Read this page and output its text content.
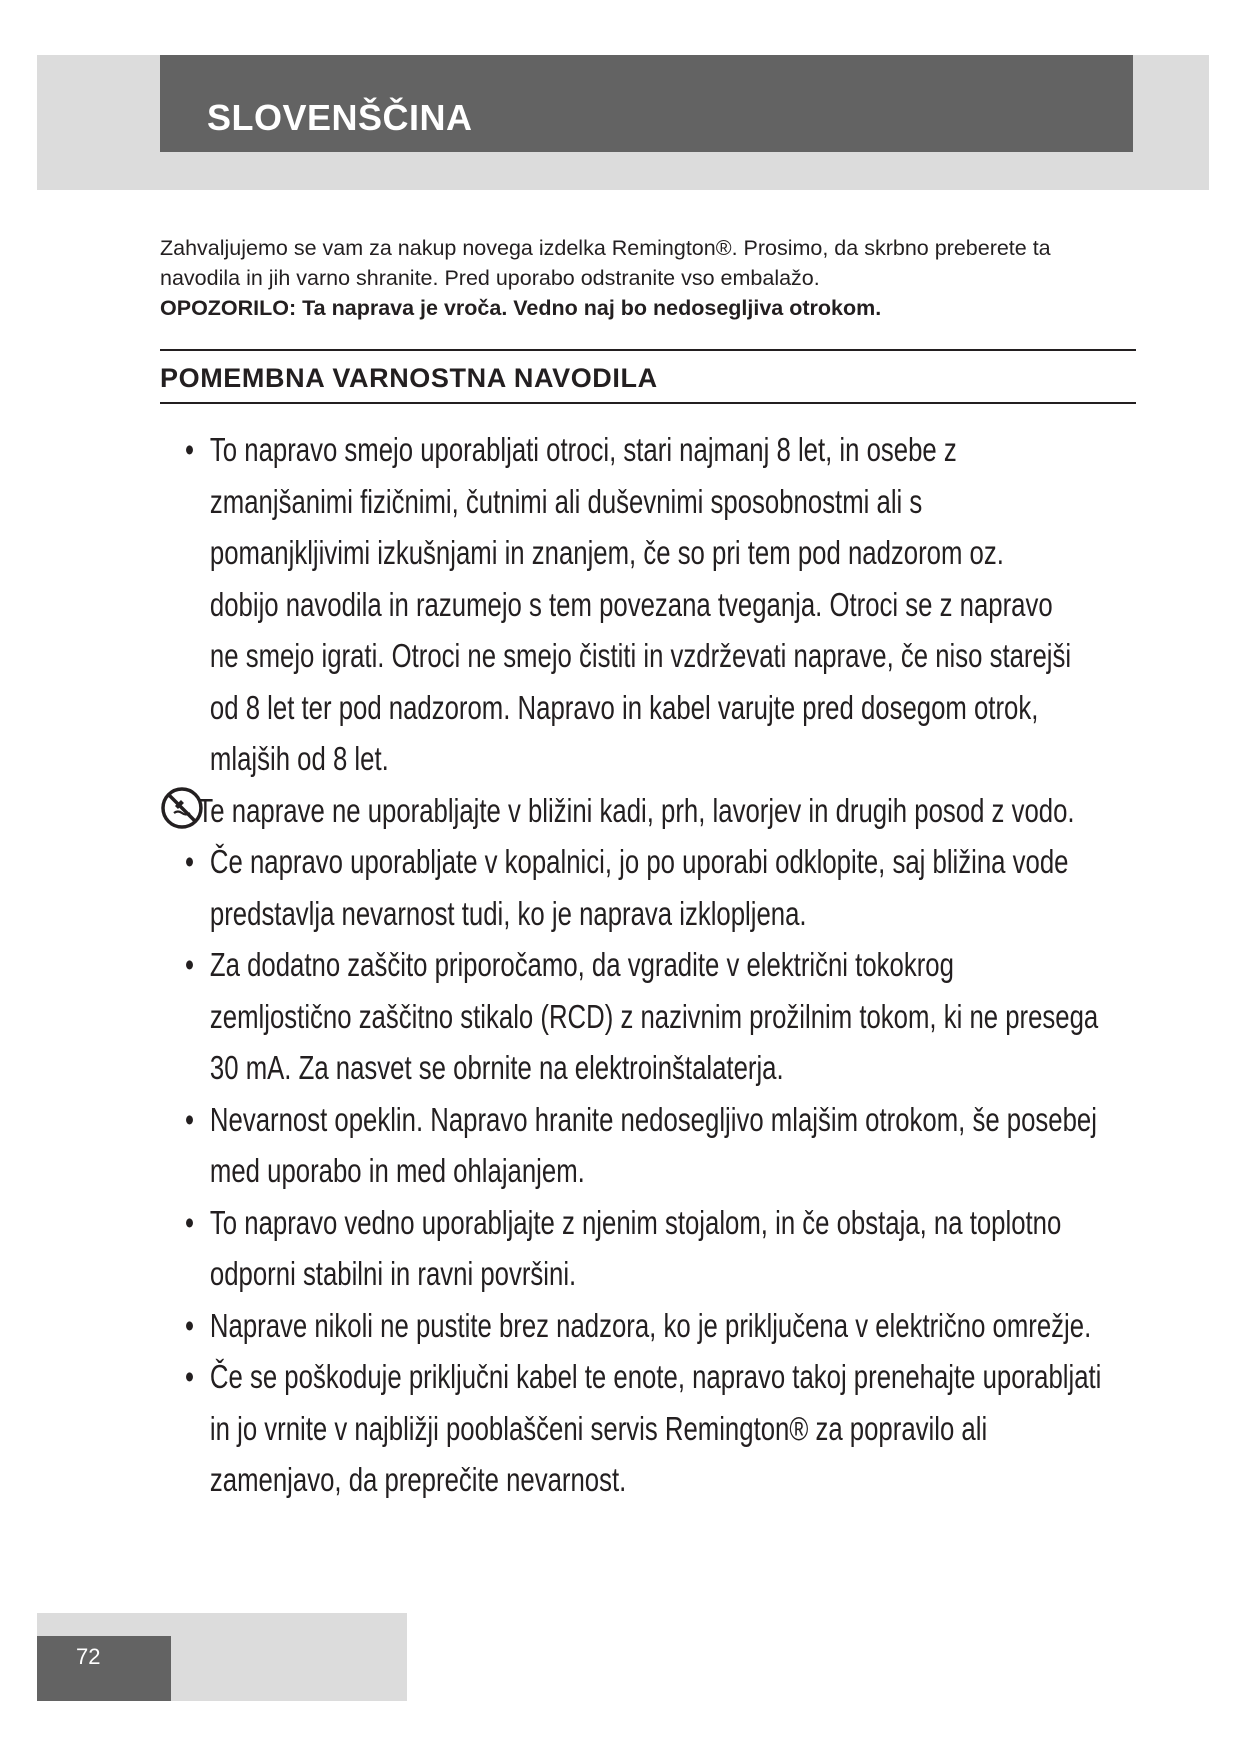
SLOVENŠČINA

Zahvaljujemo se vam za nakup novega izdelka Remington®. Prosimo, da skrbno preberete ta

navodila in jih varno shranite. Pred uporabo odstranite vso embalažo.

OPOZORILO: Ta naprava je vroča. Vedno naj bo nedosegljiva otrokom.

POMEMBNA VARNOSTNA NAVODILA
• To napravo smejo uporabljati otroci, stari najmanj 8 let, in osebe z
zmanjšanimi fizičnimi, čutnimi ali duševnimi sposobnostmi ali s
pomanjkljivimi izkušnjami in znanjem, če so pri tem pod nadzorom oz.
dobijo navodila in razumejo s tem povezana tveganja. Otroci se z napravo
ne smejo igrati. Otroci ne smejo čistiti in vzdrževati naprave, če niso starejši
od 8 let ter pod nadzorom. Napravo in kabel varujte pred dosegom otrok,
mlajših od 8 let.
Te naprave ne uporabljajte v bližini kadi, prh, lavorjev in drugih posod z vodo.
• Če napravo uporabljate v kopalnici, jo po uporabi odklopite, saj bližina vode
predstavlja nevarnost tudi, ko je naprava izklopljena.
• Za dodatno zaščito priporočamo, da vgradite v električni tokokrog
zemljostično zaščitno stikalo (RCD) z nazivnim prožilnim tokom, ki ne presega
30 mA. Za nasvet se obrnite na elektroinštalaterja.
• Nevarnost opeklin. Napravo hranite nedosegljivo mlajšim otrokom, še posebej
med uporabo in med ohlajanjem.
• To napravo vedno uporabljajte z njenim stojalom, in če obstaja, na toplotno
odporni stabilni in ravni površini.
• Naprave nikoli ne pustite brez nadzora, ko je priključena v električno omrežje.
• Če se poškoduje priključni kabel te enote, napravo takoj prenehajte uporabljati
in jo vrnite v najbližji pooblaščeni servis Remington® za popravilo ali
zamenjavo, da preprečite nevarnost.

72
